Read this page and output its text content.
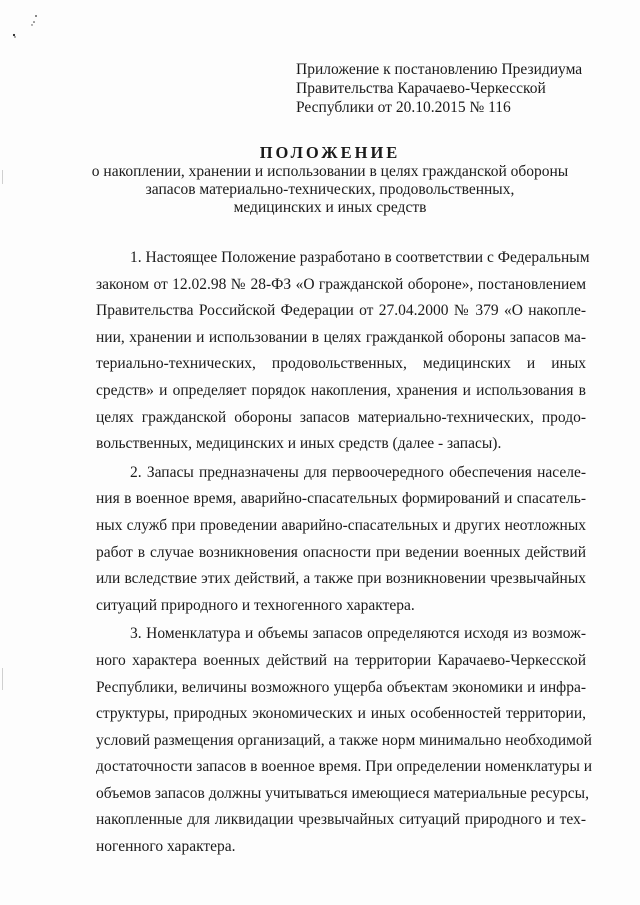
Приложение к постановлению Президиума
Правительства Карачаево-Черкесской
Республики от 20.10.2015 № 116
ПОЛОЖЕНИЕ
о накоплении, хранении и использовании в целях гражданской обороны
запасов материально-технических, продовольственных,
медицинских и иных средств
1. Настоящее Положение разработано в соответствии с Федеральным
законом от 12.02.98 № 28-ФЗ «О гражданской обороне», постановлением
Правительства Российской Федерации от 27.04.2000 № 379 «О накопле-
нии, хранении и использовании в целях гражданкой обороны запасов ма-
териально-технических, продовольственных, медицинских и иных
средств» и определяет порядок накопления, хранения и использования в
целях гражданской обороны запасов материально-технических, продо-
вольственных, медицинских и иных средств (далее - запасы).
2. Запасы предназначены для первоочередного обеспечения населе-
ния в военное время, аварийно-спасательных формирований и спасатель-
ных служб при проведении аварийно-спасательных и других неотложных
работ в случае возникновения опасности при ведении военных действий
или вследствие этих действий, а также при возникновении чрезвычайных
ситуаций природного и техногенного характера.
3. Номенклатура и объемы запасов определяются исходя из возмож-
ного характера военных действий на территории Карачаево-Черкесской
Республики, величины возможного ущерба объектам экономики и инфра-
структуры, природных экономических и иных особенностей территории,
условий размещения организаций, а также норм минимально необходимой
достаточности запасов в военное время. При определении номенклатуры и
объемов запасов должны учитываться имеющиеся материальные ресурсы,
накопленные для ликвидации чрезвычайных ситуаций природного и тех-
ногенного характера.
